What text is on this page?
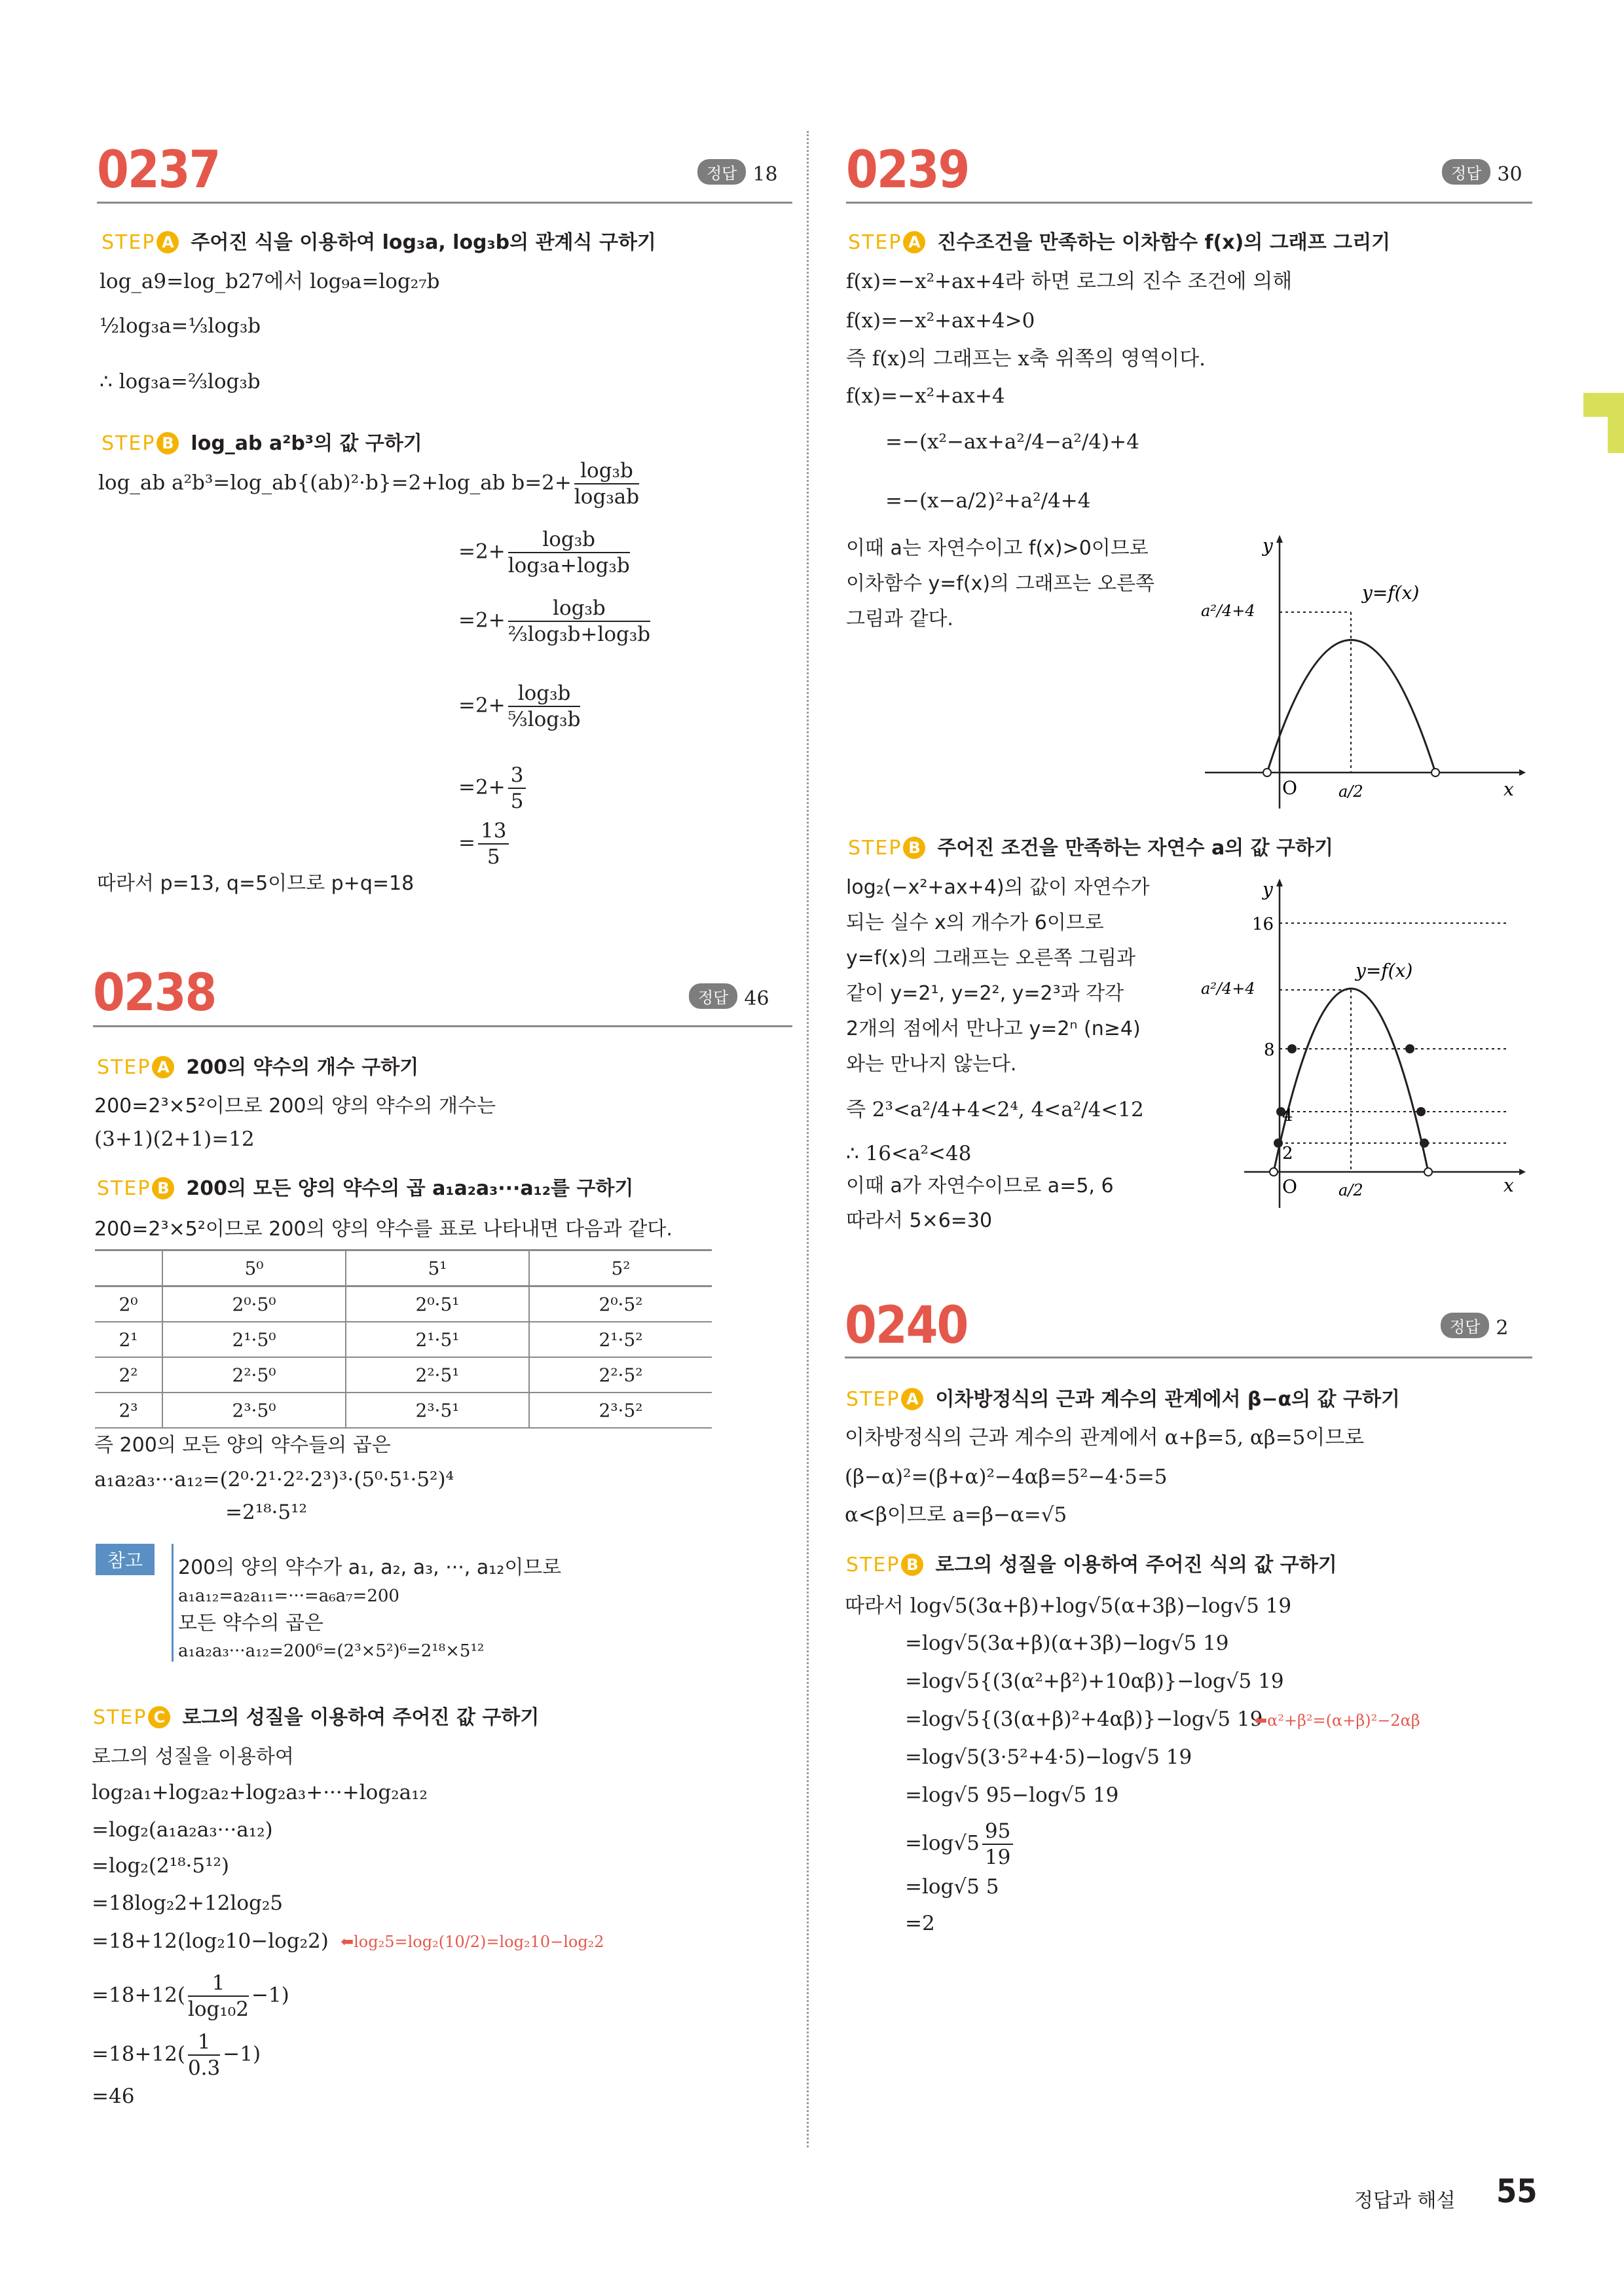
0237	정답 18
STEP A 주어진 식을 이용하여 log₃a, log₃b의 관계식 구하기
log_a9=log_b27에서 log₉a=log₂₇b
½log₃a=⅓log₃b
∴ log₃a=⅔log₃b
STEP B log_ab a²b³의 값 구하기
log_ab a²b³=log_ab{(ab)²·b}=2+log_ab $b=2+ \frac{\text{log₃b}}{\text{log₃ab}}$
$=2+ \frac{\text{log₃b}}{\text{log₃a+log₃b}}$
$=2+ \frac{\text{log₃b}}{\text{⅔log₃b+log₃b}}$
$=2+ \frac{\text{log₃b}}{\text{⁵⁄₃log₃b}}$
$=2+ \frac{3}{5}$
= $\frac{13}{5}$
따라서 p=13, q=5이므로 p+q=18
0238	정답 46
STEP A 200의 약수의 개수 구하기
200=2³×5²이므로 200의 양의 약수의 개수는
(3+1)(2+1)=12
STEP B 200의 모든 양의 약수의 곱 a₁a₂a₃···a₁₂를 구하기
200=2³×5²이므로 200의 양의 약수를 표로 나타내면 다음과 같다.
	5⁰	5¹	5²
2⁰	2⁰·5⁰	2⁰·5¹	2⁰·5²
2¹	2¹·5⁰	2¹·5¹	2¹·5²
2²	2²·5⁰	2²·5¹	2²·5²
2³	2³·5⁰	2³·5¹	2³·5²
즉 200의 모든 양의 약수들의 곱은
a₁a₂a₃···a₁₂=(2⁰·2¹·2²·2³)³·(5⁰·5¹·5²)⁴
=2¹⁸·5¹²
참고	200의 양의 약수가 a₁, a₂, a₃, ···, a₁₂이므로
a₁a₁₂=a₂a₁₁=···=a₆a₇=200
모든 약수의 곱은
a₁a₂a₃···a₁₂=200⁶=(2³×5²)⁶=2¹⁸×5¹²
STEP C 로그의 성질을 이용하여 주어진 값 구하기
로그의 성질을 이용하여
log₂a₁+log₂a₂+log₂a₃+···+log₂a₁₂
=log₂(a₁a₂a₃···a₁₂)
=log₂(2¹⁸·5¹²)
=18log₂2+12log₂5
=18+12(log₂10−log₂2) ⬅log₂5=log₂(10/2)=log₂10−log₂2
$=18+12( \frac{1}{\text{log₁₀2}} -1)$
$=18+12( \frac{1}{0.3} -1)$
=46
0239	정답 30
STEP A 진수조건을 만족하는 이차함수 f(x)의 그래프 그리기
f(x)=−x²+ax+4라 하면 로그의 진수 조건에 의해
f(x)=−x²+ax+4>0
즉 f(x)의 그래프는 x축 위쪽의 영역이다.
f(x)=−x²+ax+4
=−(x²−ax+a²/4−a²/4)+4
=−(x−a/2)²+a²/4+4
이때 a는 자연수이고 f(x)>0이므로
이차함수 y=f(x)의 그래프는 오른쪽
그림과 같다.
y
x
O
y=f(x)
a²/4+4
a/2
STEP B 주어진 조건을 만족하는 자연수 a의 값 구하기
log₂(−x²+ax+4)의 값이 자연수가
되는 실수 x의 개수가 6이므로
y=f(x)의 그래프는 오른쪽 그림과
같이 y=2¹, y=2², y=2³과 각각
2개의 점에서 만나고 y=2ⁿ (n≥4)
와는 만나지 않는다.
즉 2³<a²/4+4<2⁴, 4<a²/4<12
∴ 16<a²<48
이때 a가 자연수이므로 a=5, 6
따라서 5×6=30
y
x
O
y=f(x)
a²/4+4
16
8
4
2
a/2
0240	정답 2
STEP A 이차방정식의 근과 계수의 관계에서 β−α의 값 구하기
이차방정식의 근과 계수의 관계에서 α+β=5, αβ=5이므로
(β−α)²=(β+α)²−4αβ=5²−4·5=5
α<β이므로 a=β−α=√5
STEP B 로그의 성질을 이용하여 주어진 식의 값 구하기
따라서 log√5(3α+β)+log√5(α+3β)−log√5 19
=log√5(3α+β)(α+3β)−log√5 19
=log√5{(3(α²+β²)+10αβ)}−log√5 19
=log√5{(3(α+β)²+4αβ)}−log√5 19
⬅α²+β²=(α+β)²−2αβ
=log√5(3·5²+4·5)−log√5 19
=log√5 95−log√5 19
$=\log√5 \frac{95}{19}$
=log√5 5
=2
정답과 해설 55
